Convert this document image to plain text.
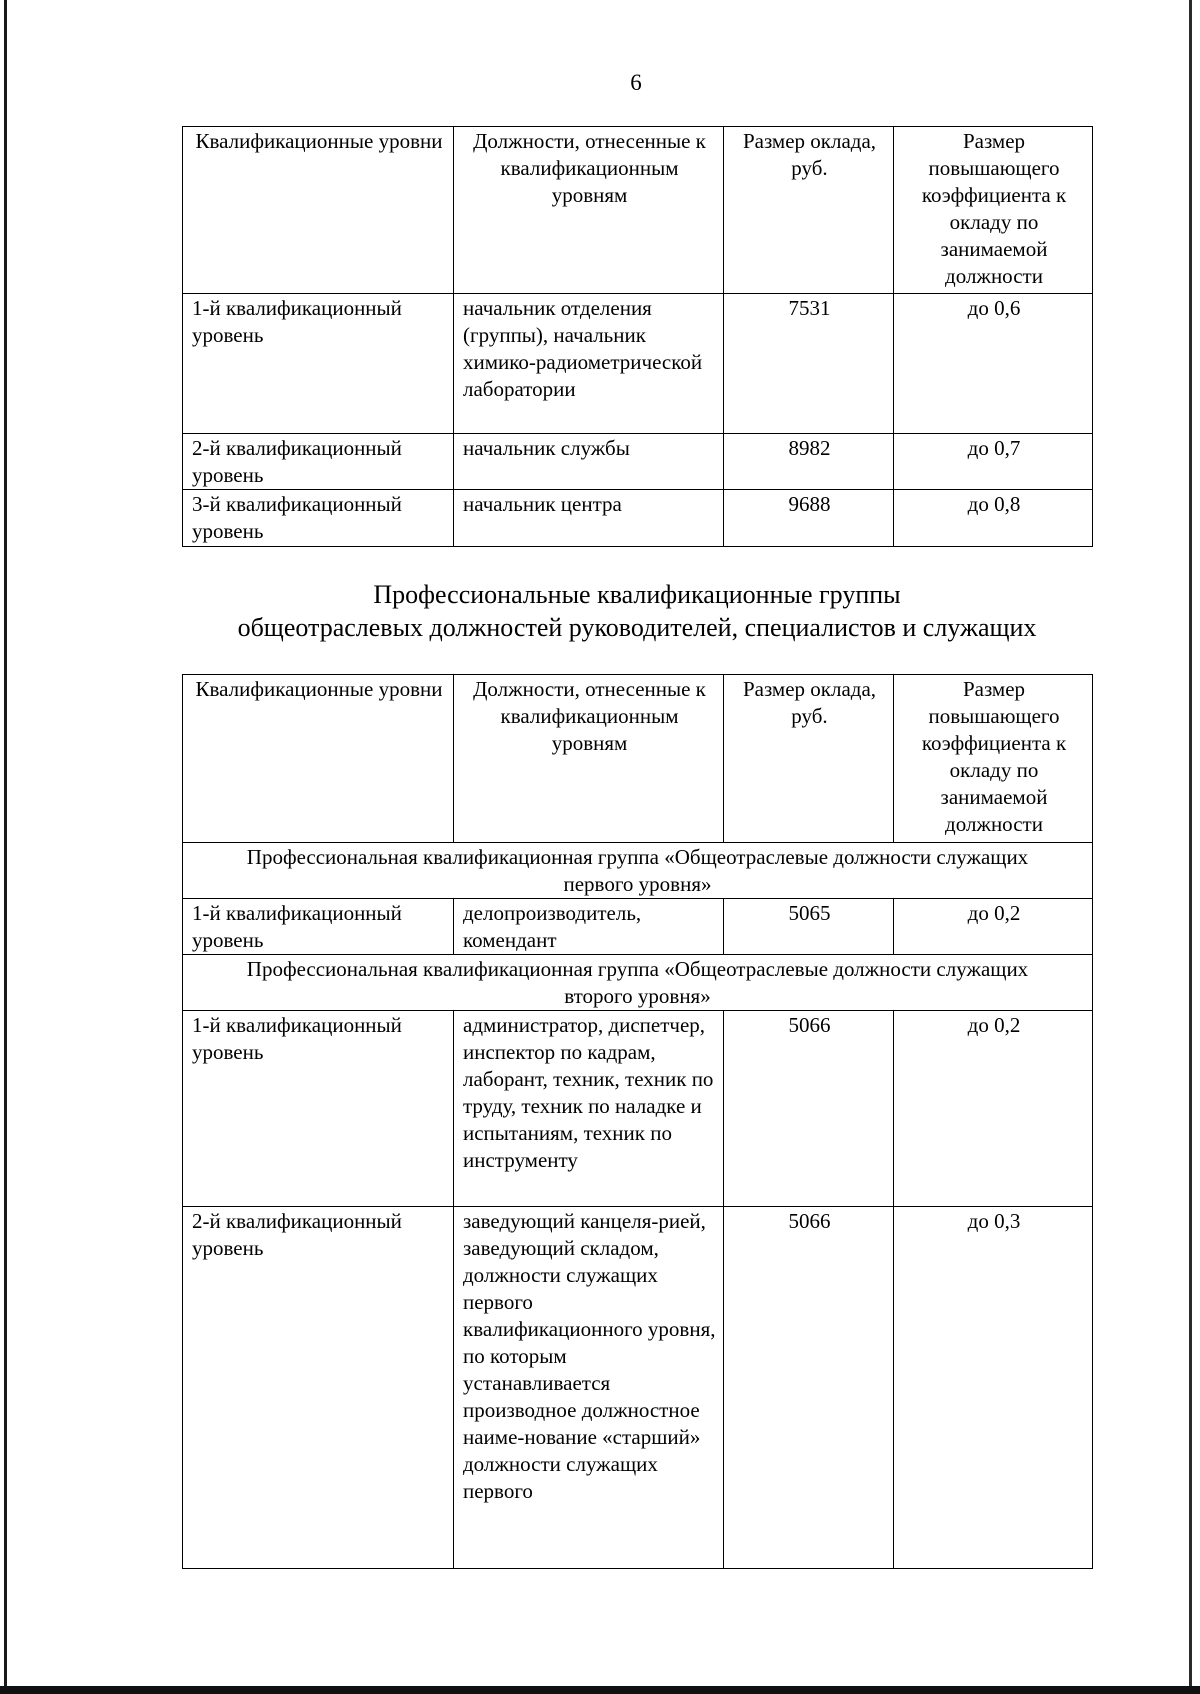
6
Квалификационные уровни	Должности, отнесенные к квалификационным уровням	Размер оклада, руб.	Размер повышающего коэффициента к окладу по занимаемой должности
1-й квалификационный уровень	начальник отделения (группы), начальник химико-радиометрической лаборатории	7531	до 0,6
2-й квалификационный уровень	начальник службы	8982	до 0,7
3-й квалификационный уровень	начальник центра	9688	до 0,8
Профессиональные квалификационные группы
общеотраслевых должностей руководителей, специалистов и служащих
Квалификационные уровни	Должности, отнесенные к квалификационным уровням	Размер оклада, руб.	Размер повышающего коэффициента к окладу по занимаемой должности
Профессиональная квалификационная группа «Общеотраслевые должности служащих первого уровня»			
1-й квалификационный уровень	делопроизводитель, комендант	5065	до 0,2
Профессиональная квалификационная группа «Общеотраслевые должности служащих второго уровня»			
1-й квалификационный уровень	администратор, диспетчер, инспектор по кадрам, лаборант, техник, техник по труду, техник по наладке и испытаниям, техник по инструменту	5066	до 0,2
2-й квалификационный уровень	заведующий канцеля-рией, заведующий складом, должности служащих первого квалификационного уровня, по которым устанавливается производное должностное наиме-нование «старший» должности служащих первого	5066	до 0,3
